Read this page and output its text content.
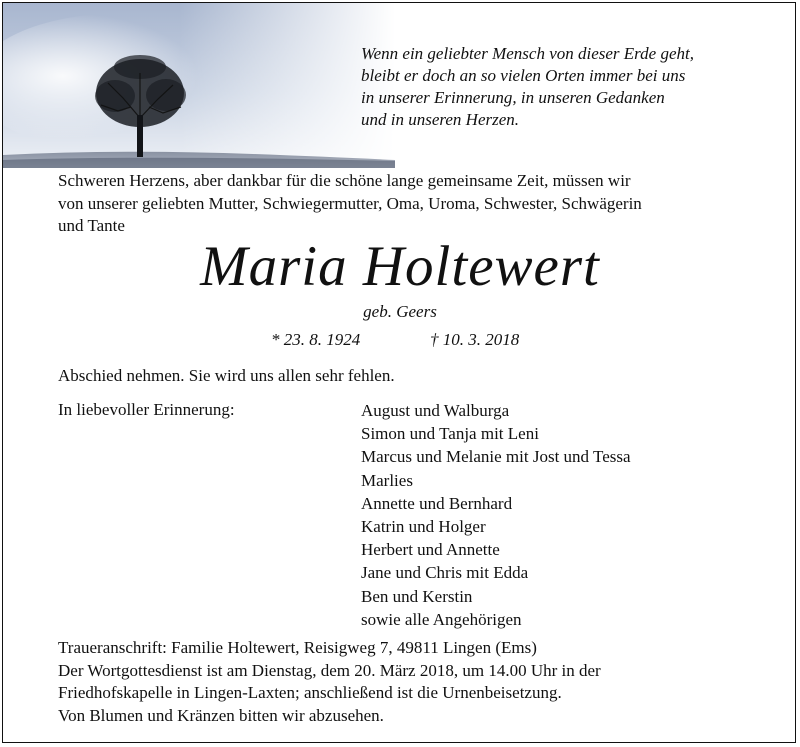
Wenn ein geliebter Mensch von dieser Erde geht,
bleibt er doch an so vielen Orten immer bei uns
in unserer Erinnerung, in unseren Gedanken
und in unseren Herzen.
Schweren Herzens, aber dankbar für die schöne lange gemeinsame Zeit, müssen wir
von unserer geliebten Mutter, Schwiegermutter, Oma, Uroma, Schwester, Schwägerin
und Tante
Maria Holtewert
geb. Geers
* 23. 8. 1924	† 10. 3. 2018
Abschied nehmen. Sie wird uns allen sehr fehlen.
In liebevoller Erinnerung:	August und Walburga
Simon und Tanja mit Leni
Marcus und Melanie mit Jost und Tessa
Marlies
Annette und Bernhard
Katrin und Holger
Herbert und Annette
Jane und Chris mit Edda
Ben und Kerstin
sowie alle Angehörigen
Traueranschrift: Familie Holtewert, Reisigweg 7, 49811 Lingen (Ems)
Der Wortgottesdienst ist am Dienstag, dem 20. März 2018, um 14.00 Uhr in der
Friedhofskapelle in Lingen-Laxten; anschließend ist die Urnenbeisetzung.
Von Blumen und Kränzen bitten wir abzusehen.
